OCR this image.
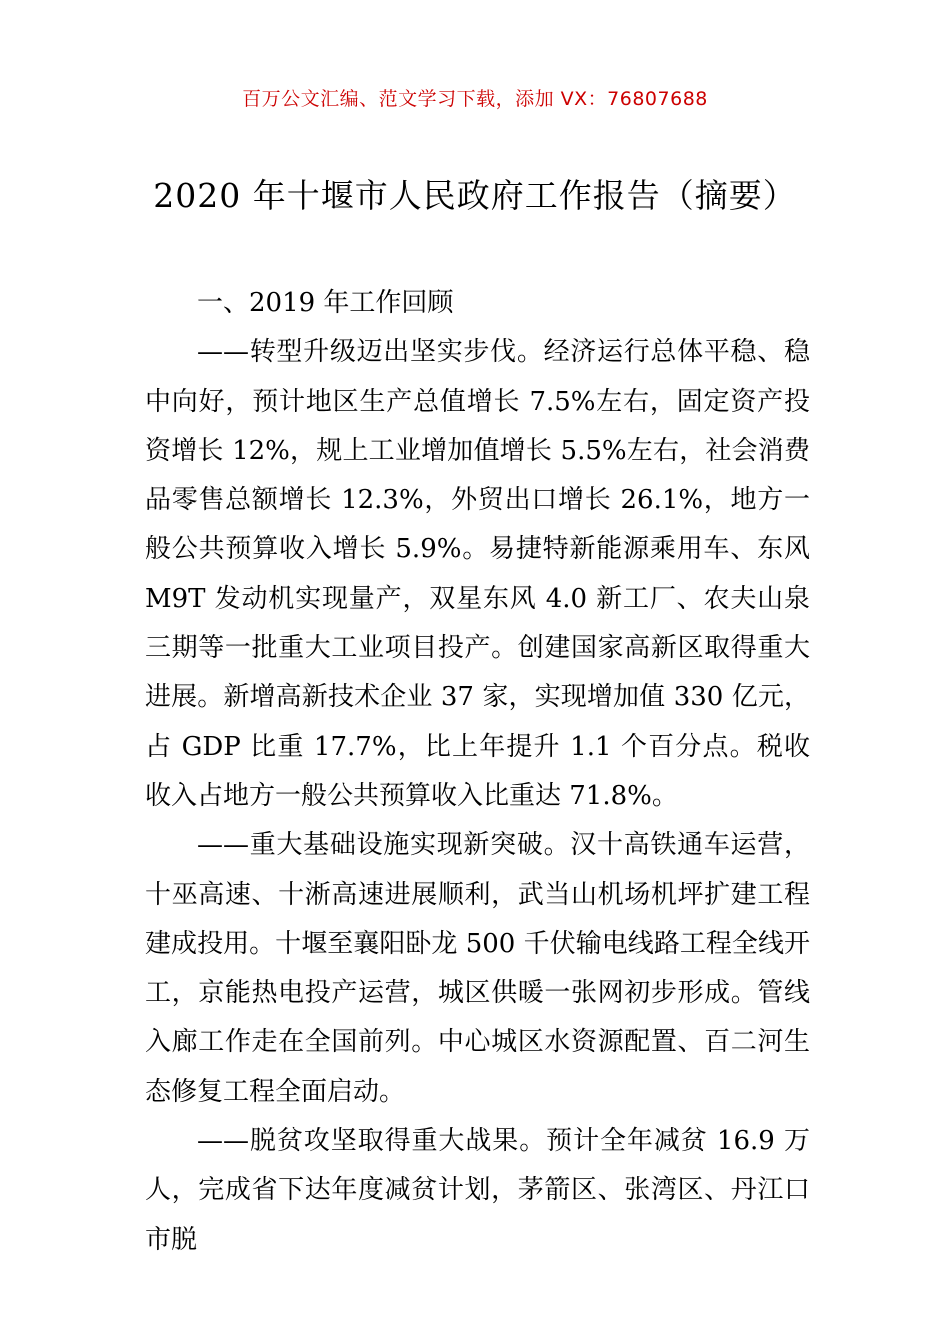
百万公文汇编、范文学习下载，添加 VX：76807688
2020 年十堰市人民政府工作报告（摘要）

一、2019 年工作回顾

——转型升级迈出坚实步伐。经济运行总体平稳、稳中向好，预计地区生产总值增长 7.5%左右，固定资产投资增长 12%，规上工业增加值增长 5.5%左右，社会消费品零售总额增长 12.3%，外贸出口增长 26.1%，地方一般公共预算收入增长 5.9%。易捷特新能源乘用车、东风 M9T 发动机实现量产，双星东风 4.0 新工厂、农夫山泉三期等一批重大工业项目投产。创建国家高新区取得重大进展。新增高新技术企业 37 家，实现增加值 330 亿元，占 GDP 比重 17.7%，比上年提升 1.1 个百分点。税收收入占地方一般公共预算收入比重达 71.8%。

——重大基础设施实现新突破。汉十高铁通车运营，十巫高速、十淅高速进展顺利，武当山机场机坪扩建工程建成投用。十堰至襄阳卧龙 500 千伏输电线路工程全线开工，京能热电投产运营，城区供暖一张网初步形成。管线入廊工作走在全国前列。中心城区水资源配置、百二河生态修复工程全面启动。

——脱贫攻坚取得重大战果。预计全年减贫 16.9 万人，完成省下达年度减贫计划，茅箭区、张湾区、丹江口市脱
